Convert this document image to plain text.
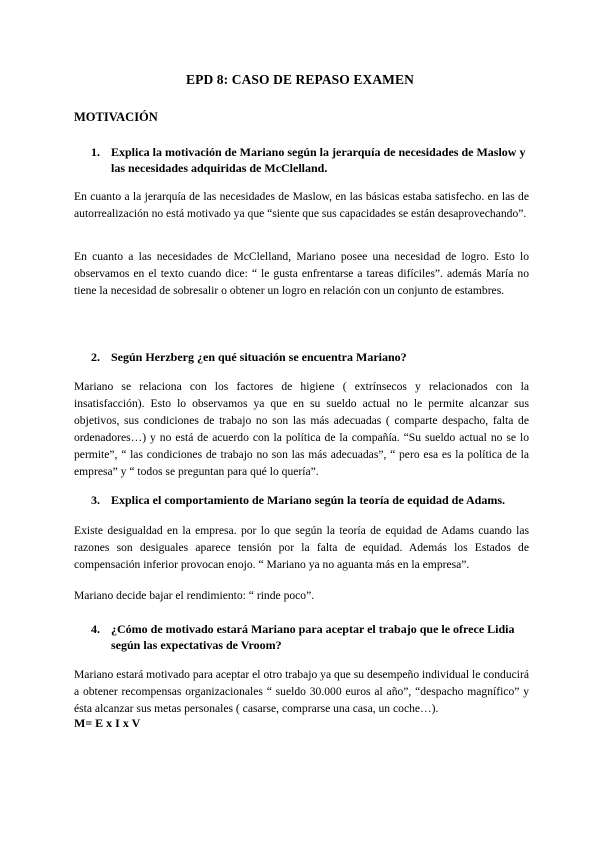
EPD 8: CASO DE REPASO EXAMEN
MOTIVACIÓN
1. Explica la motivación de Mariano según la jerarquía de necesidades de Maslow y las necesidades adquiridas de McClelland.
En cuanto a la jerarquía de las necesidades de Maslow, en las básicas estaba satisfecho. en las de autorrealización no está motivado ya que “siente que sus capacidades se están desaprovechando”.
En cuanto a las necesidades de McClelland, Mariano posee una necesidad de logro. Esto lo observamos en el texto cuando dice: “ le gusta enfrentarse a tareas difíciles”. además María no tiene la necesidad de sobresalir o obtener un logro en relación con un conjunto de estambres.
2. Según Herzberg ¿en qué situación se encuentra Mariano?
Mariano se relaciona con los factores de higiene ( extrínsecos y relacionados con la insatisfacción). Esto lo observamos ya que en su sueldo actual no le permite alcanzar sus objetivos, sus condiciones de trabajo no son las más adecuadas ( comparte despacho, falta de ordenadores…) y no está de acuerdo con la política de la compañía. “Su sueldo actual no se lo permite”, “ las condiciones de trabajo no son las más adecuadas”, “ pero esa es la política de la empresa” y “ todos se preguntan para qué lo quería”.
3. Explica el comportamiento de Mariano según la teoría de equidad de Adams.
Existe desigualdad en la empresa. por lo que según la teoría de equidad de Adams cuando las razones son desiguales aparece tensión por la falta de equidad. Además los Estados de compensación inferior provocan enojo. “ Mariano ya no aguanta más en la empresa”.
Mariano decide bajar el rendimiento: “ rinde poco”.
4. ¿Cómo de motivado estará Mariano para aceptar el trabajo que le ofrece Lidia según las expectativas de Vroom?
Mariano estará motivado para aceptar el otro trabajo ya que su desempeño individual le conducirá a obtener recompensas organizacionales “ sueldo 30.000 euros al año”, “despacho magnífico” y ésta alcanzar sus metas personales ( casarse, comprarse una casa, un coche…).
M= E x I x V
